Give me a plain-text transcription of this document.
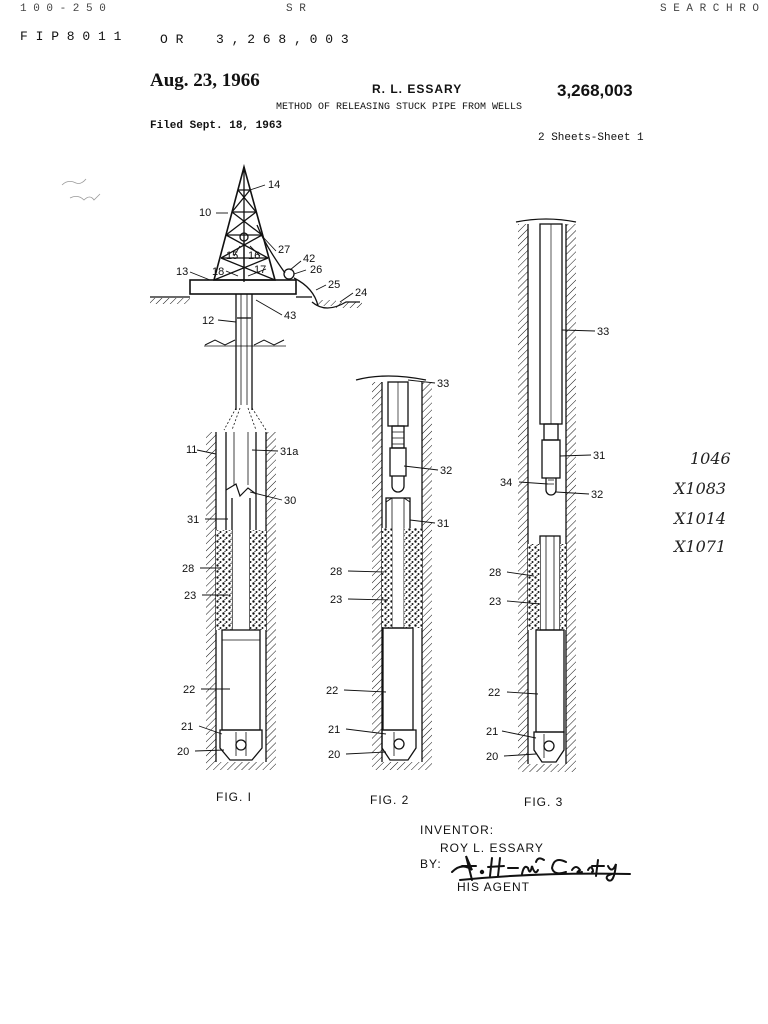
1 0 0 - 2 5 0	S R	S E A R C H R O
F I P 8 0 1 1	O R	3 , 2 6 8 , 0 0 3
Aug. 23, 1966	R. L. ESSARY	3,268,003
METHOD OF RELEASING STUCK PIPE FROM WELLS
Filed Sept. 18, 1963
2 Sheets-Sheet 1
14
10
15 16 27
42
13 18	17	26
25
24
43
12
11	31a
30
31
28
23
22
21
20
33
32
31
28
23
22
21
20
33
31
34
32
28
23
22
21
20
FIG. I	FIG. 2	FIG. 3
1046
X1083
X1014
X1071
INVENTOR:
ROY L. ESSARY
BY:
HIS AGENT
